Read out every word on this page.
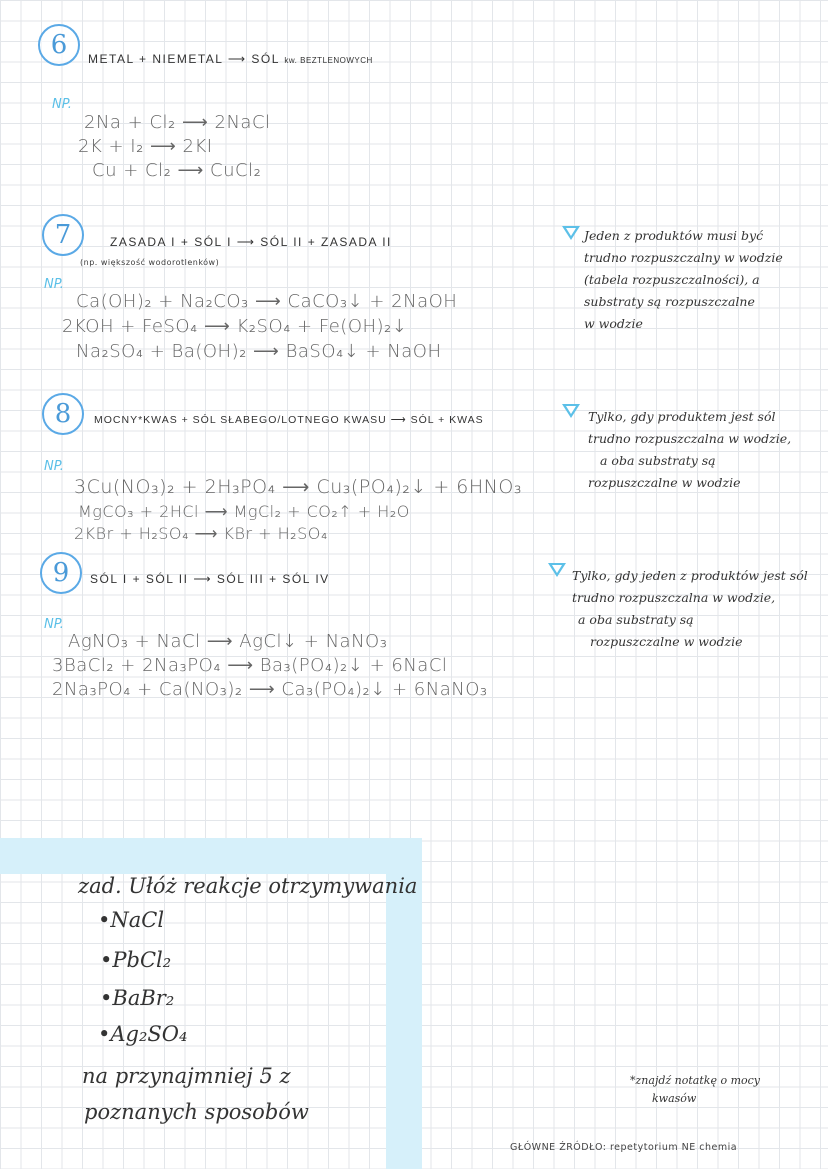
6	METAL + NIEMETAL ⟶ SÓL kw. BEZTLENOWYCH
NP.
2Na + Cl₂ ⟶ 2NaCl
2K + I₂ ⟶ 2KI
Cu + Cl₂ ⟶ CuCl₂
7	ZASADA I + SÓL I ⟶ SÓL II + ZASADA II
(np. większość wodorotlenków)
NP.
Ca(OH)₂ + Na₂CO₃ ⟶ CaCO₃↓ + 2NaOH
2KOH + FeSO₄ ⟶ K₂SO₄ + Fe(OH)₂↓
Na₂SO₄ + Ba(OH)₂ ⟶ BaSO₄↓ + NaOH
Jeden z produktów musi być
trudno rozpuszczalny w wodzie
(tabela rozpuszczalności), a
substraty są rozpuszczalne
w wodzie
8	MOCNY*KWAS + SÓL SŁABEGO/LOTNEGO KWASU ⟶ SÓL + KWAS
NP.
3Cu(NO₃)₂ + 2H₃PO₄ ⟶ Cu₃(PO₄)₂↓ + 6HNO₃
MgCO₃ + 2HCl ⟶ MgCl₂ + CO₂↑ + H₂O
2KBr + H₂SO₄ ⟶ KBr + H₂SO₄
Tylko, gdy produktem jest sól
trudno rozpuszczalna w wodzie,
a oba substraty są
rozpuszczalne w wodzie
9	SÓL I + SÓL II ⟶ SÓL III + SÓL IV
NP.
AgNO₃ + NaCl ⟶ AgCl↓ + NaNO₃
3BaCl₂ + 2Na₃PO₄ ⟶ Ba₃(PO₄)₂↓ + 6NaCl
2Na₃PO₄ + Ca(NO₃)₂ ⟶ Ca₃(PO₄)₂↓ + 6NaNO₃
Tylko, gdy jeden z produktów jest sól
trudno rozpuszczalna w wodzie,
a oba substraty są
rozpuszczalne w wodzie
zad. Ułóż reakcje otrzymywania
• NaCl
• PbCl₂
• BaBr₂
• Ag₂SO₄
na przynajmniej 5 z
poznanych sposobów
*znajdź notatkę o mocy
kwasów
GŁÓWNE ŹRÓDŁO: repetytorium NE chemia
